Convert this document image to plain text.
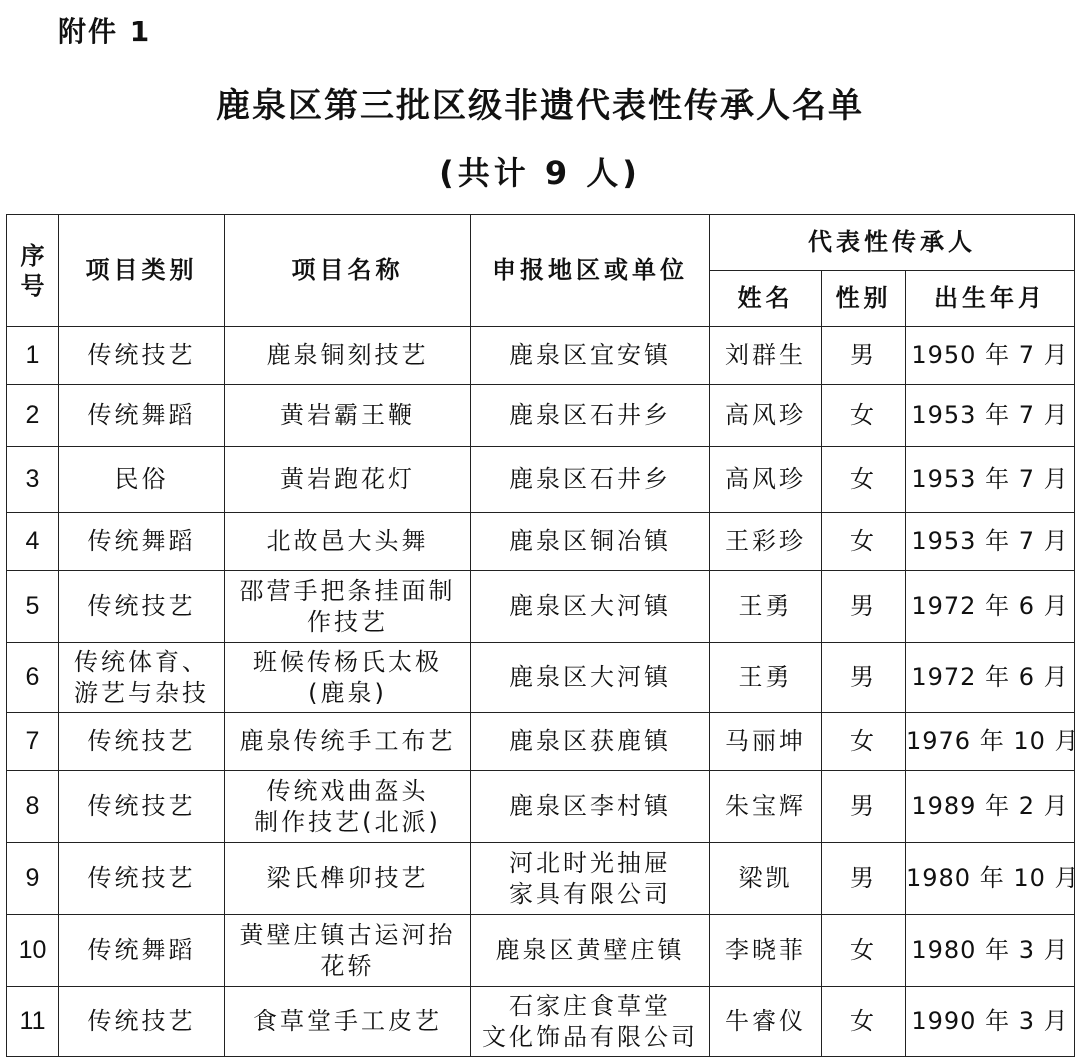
附件 1
鹿泉区第三批区级非遗代表性传承人名单
(共计 9 人)
序号	项目类别	项目名称	申报地区或单位	代表性传承人		
				姓名	性别	出生年月
1	传统技艺	鹿泉铜刻技艺	鹿泉区宜安镇	刘群生	男	1950 年 7 月
2	传统舞蹈	黄岩霸王鞭	鹿泉区石井乡	高风珍	女	1953 年 7 月
3	民俗	黄岩跑花灯	鹿泉区石井乡	高风珍	女	1953 年 7 月
4	传统舞蹈	北故邑大头舞	鹿泉区铜冶镇	王彩珍	女	1953 年 7 月
5	传统技艺	邵营手把条挂面制
作技艺	鹿泉区大河镇	王勇	男	1972 年 6 月
6	传统体育、
游艺与杂技	班候传杨氏太极
(鹿泉)	鹿泉区大河镇	王勇	男	1972 年 6 月
7	传统技艺	鹿泉传统手工布艺	鹿泉区获鹿镇	马丽坤	女	1976 年 10 月
8	传统技艺	传统戏曲盔头
制作技艺(北派)	鹿泉区李村镇	朱宝辉	男	1989 年 2 月
9	传统技艺	梁氏榫卯技艺	河北时光抽屉
家具有限公司	梁凯	男	1980 年 10 月
10	传统舞蹈	黄壁庄镇古运河抬
花轿	鹿泉区黄壁庄镇	李晓菲	女	1980 年 3 月
11	传统技艺	食草堂手工皮艺	石家庄食草堂
文化饰品有限公司	牛睿仪	女	1990 年 3 月
